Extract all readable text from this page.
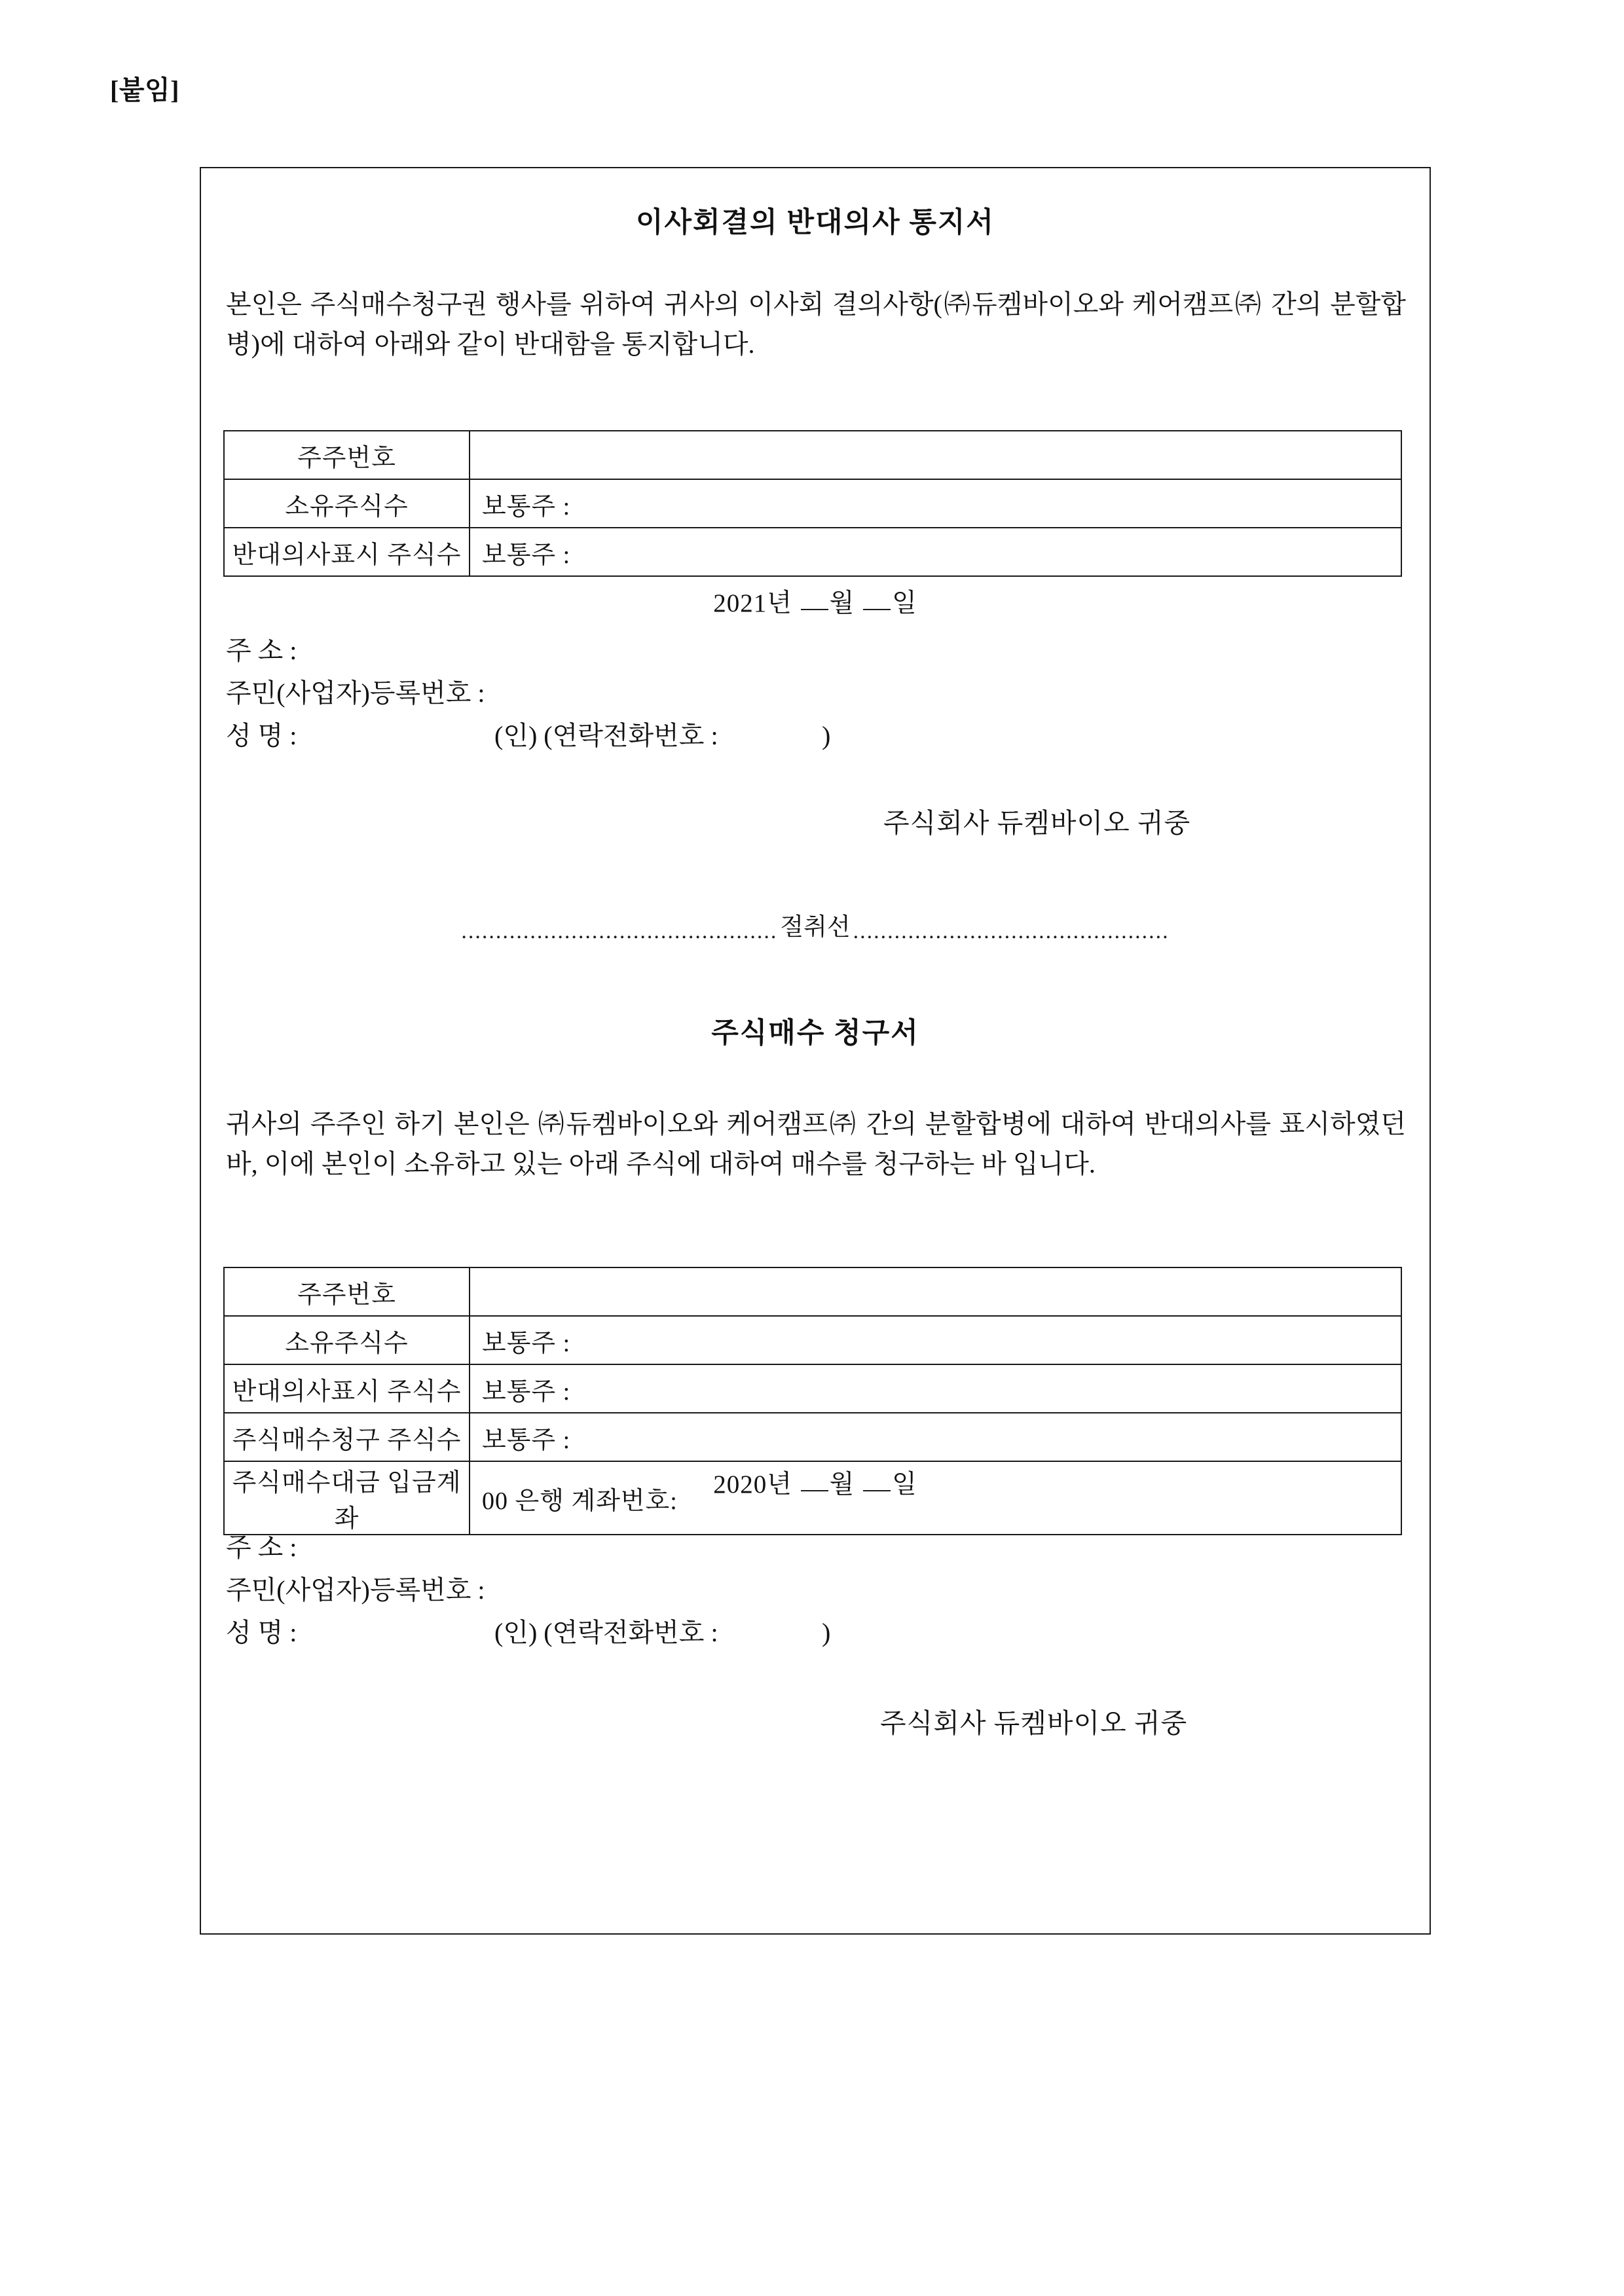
[붙임]
이사회결의 반대의사 통지서

본인은 주식매수청구권 행사를 위하여 귀사의 이사회 결의사항(㈜듀켐바이오와 케어캠프㈜ 간의 분할합병)에 대하여 아래와 같이 반대함을 통지합니다.

주주번호	
소유주식수	보통주 :
반대의사표시 주식수	보통주 :
2021년 월 일
주 소 :
주민(사업자)등록번호 :
성 명 :	(인) (연락전화번호 :	)
주식회사 듀켐바이오 귀중
.............................................. 절취선 ..............................................
주식매수 청구서

귀사의 주주인 하기 본인은 ㈜듀켐바이오와 케어캠프㈜ 간의 분할합병에 대하여 반대의사를 표시하였던 바, 이에 본인이 소유하고 있는 아래 주식에 대하여 매수를 청구하는 바 입니다.

주주번호	
소유주식수	보통주 :
반대의사표시 주식수	보통주 :
주식매수청구 주식수	보통주 :
주식매수대금 입금계좌	00 은행 계좌번호:
2020년 월 일
주 소 :
주민(사업자)등록번호 :
성 명 :	(인) (연락전화번호 :	)
주식회사 듀켐바이오 귀중
